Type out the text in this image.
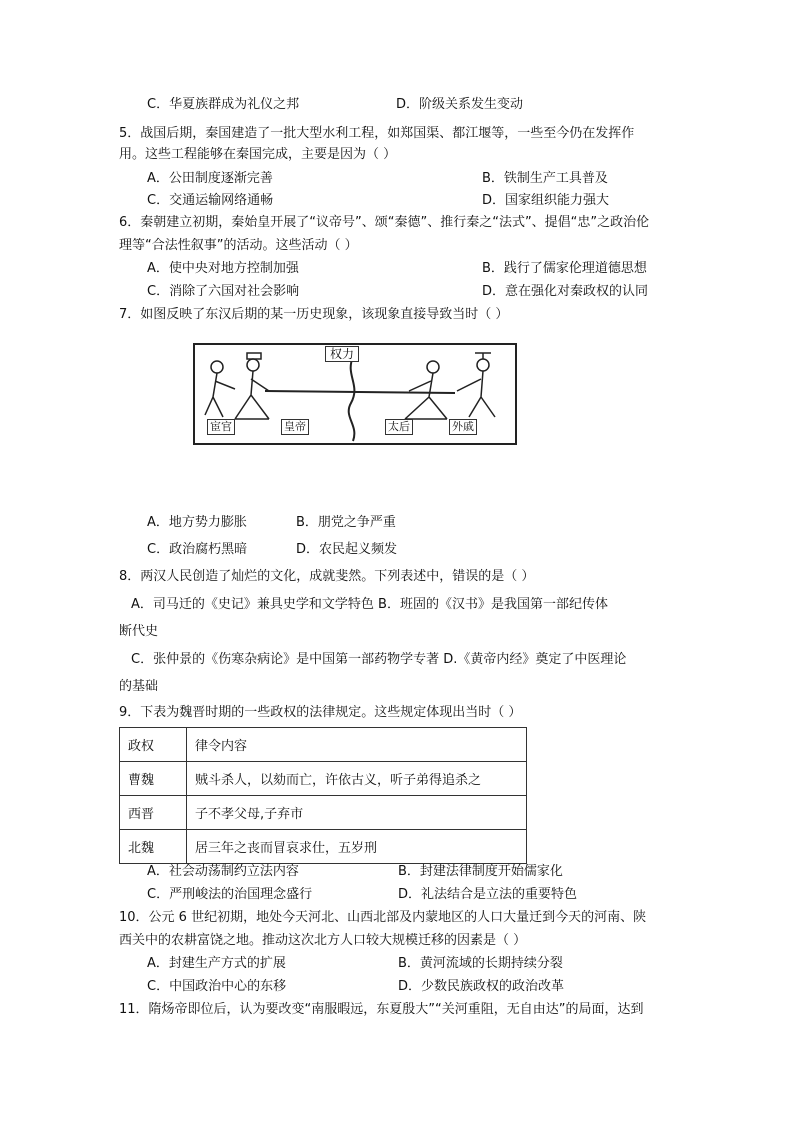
C．华夏族群成为礼仪之邦	D．阶级关系发生变动
5．战国后期，秦国建造了一批大型水利工程，如郑国渠、都江堰等，一些至今仍在发挥作
用。这些工程能够在秦国完成，主要是因为（ ）
A．公田制度逐渐完善	B．铁制生产工具普及
C．交通运输网络通畅	D．国家组织能力强大
6．秦朝建立初期，秦始皇开展了“议帝号”、颂“秦德”、推行秦之“法式”、提倡“忠”之政治伦
理等“合法性叙事”的活动。这些活动（ ）
A．使中央对地方控制加强	B．践行了儒家伦理道德思想
C．消除了六国对社会影响	D．意在强化对秦政权的认同
7．如图反映了东汉后期的某一历史现象，该现象直接导致当时（ ）
权力
宦官	皇帝	太后	外戚
A．地方势力膨胀	B．朋党之争严重
C．政治腐朽黑暗	D．农民起义频发
8．两汉人民创造了灿烂的文化，成就斐然。下列表述中，错误的是（ ）
A．司马迁的《史记》兼具史学和文学特色 B．班固的《汉书》是我国第一部纪传体
断代史
C．张仲景的《伤寒杂病论》是中国第一部药物学专著 D.《黄帝内经》奠定了中医理论
的基础
9．下表为魏晋时期的一些政权的法律规定。这些规定体现出当时（ ）
政权	律令内容
曹魏	贼斗杀人，以劾而亡，许依古义，听子弟得追杀之
西晋	子不孝父母,子弃市
北魏	居三年之丧而冒哀求仕，五岁刑
A．社会动荡制约立法内容	B．封建法律制度开始儒家化
C．严刑峻法的治国理念盛行	D．礼法结合是立法的重要特色
10．公元 6 世纪初期，地处今天河北、山西北部及内蒙地区的人口大量迁到今天的河南、陕
西关中的农耕富饶之地。推动这次北方人口较大规模迁移的因素是（ ）
A．封建生产方式的扩展	B．黄河流域的长期持续分裂
C．中国政治中心的东移	D．少数民族政权的政治改革
11．隋炀帝即位后，认为要改变“南服暇远，东夏殷大”“关河重阻，无自由达”的局面，达到
